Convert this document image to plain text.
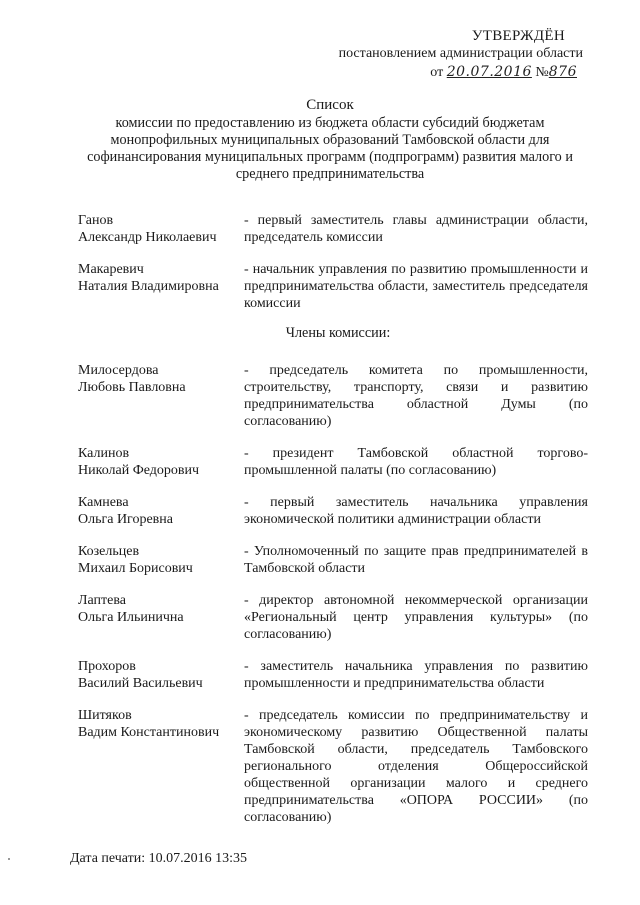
УТВЕРЖДЁН
постановлением администрации области
от 20.07.2016 №876
Список
комиссии по предоставлению из бюджета области субсидий бюджетам
монопрофильных муниципальных образований Тамбовской области для
софинансирования муниципальных программ (подпрограмм) развития малого и
среднего предпринимательства
Ганов
Александр Николаевич
- первый заместитель главы администрации области, председатель комиссии
Макаревич
Наталия Владимировна
- начальник управления по развитию промышленности и предпринимательства области, заместитель председателя комиссии
Члены комиссии:
Милосердова
Любовь Павловна
- председатель комитета по промышленности, строительству, транспорту, связи и развитию предпринимательства областной Думы (по согласованию)
Калинов
Николай Федорович
- президент Тамбовской областной торгово-промышленной палаты (по согласованию)
Камнева
Ольга Игоревна
- первый заместитель начальника управления экономической политики администрации области
Козельцев
Михаил Борисович
- Уполномоченный по защите прав предпринимателей в Тамбовской области
Лаптева
Ольга Ильинична
- директор автономной некоммерческой организации «Региональный центр управления культуры» (по согласованию)
Прохоров
Василий Васильевич
- заместитель начальника управления по развитию промышленности и предпринимательства области
Шитяков
Вадим Константинович
- председатель комиссии по предпринимательству и экономическому развитию Общественной палаты Тамбовской области, председатель Тамбовского регионального отделения Общероссийской общественной организации малого и среднего предпринимательства «ОПОРА РОССИИ» (по согласованию)
Дата печати: 10.07.2016 13:35
